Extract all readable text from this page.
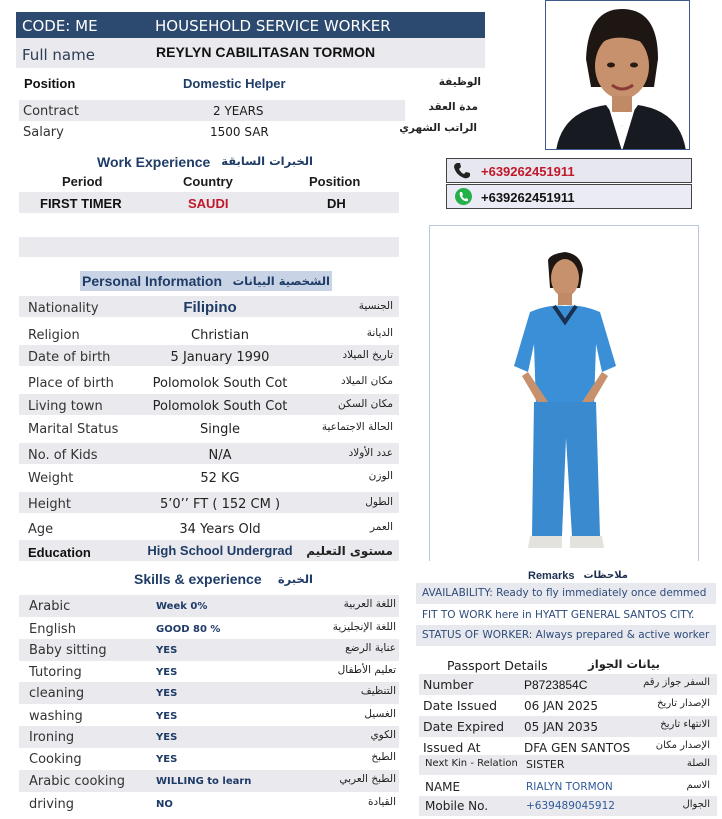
CODE: ME	HOUSEHOLD SERVICE WORKER
Full name	REYLYN CABILITASAN TORMON
Position	Domestic Helper	الوظيفة
Contract	2 YEARS	مدة العقد
Salary	1500 SAR	الراتب الشهري
+639262451911
+639262451911
Work Experience الخبرات السابقة
Period	Country	Position
FIRST TIMER	SAUDI	DH
Personal Information الشخصية البيانات
Nationality	Filipino	الجنسية
Religion	Christian	الديانة
Date of birth	5 January 1990	تاريخ الميلاد
Place of birth	Polomolok South Cot	مكان الميلاد
Living town	Polomolok South Cot	مكان السكن
Marital Status	Single	الحالة الاجتماعية
No. of Kids	N/A	عدد الأولاد
Weight	52 KG	الوزن
Height	5’0’’ FT ( 152 CM )	الطول
Age	34 Years Old	العمر
Education	High School Undergrad	مستوى التعليم
Skills & experience الخبرة
Arabic	Week 0%	اللغة العربية
English	GOOD 80 %	اللغة الإنجليزية
Baby sitting	YES	عناية الرضع
Tutoring	YES	تعليم الأطفال
cleaning	YES	التنظيف
washing	YES	الغسيل
Ironing	YES	الكوي
Cooking	YES	الطبخ
Arabic cooking	WILLING to learn	الطبخ العربي
driving	NO	القيادة
Remarks ملاحظات
AVAILABILITY: Ready to fly immediately once demmed
FIT TO WORK here in HYATT GENERAL SANTOS CITY.
STATUS OF WORKER: Always prepared & active worker
Passport Details	بيانات الجواز
Number	P8723854C	السفر جواز رقم
Date Issued 06 JAN 2025	الإصدار تاريخ
Date Expired 05 JAN 2035	الانتهاء تاريخ
Issued At	DFA GEN SANTOS	الإصدار مكان
Next Kin - Relation SISTER	الصلة
NAME	RIALYN TORMON	الاسم
Mobile No.	+639489045912	الجوال
